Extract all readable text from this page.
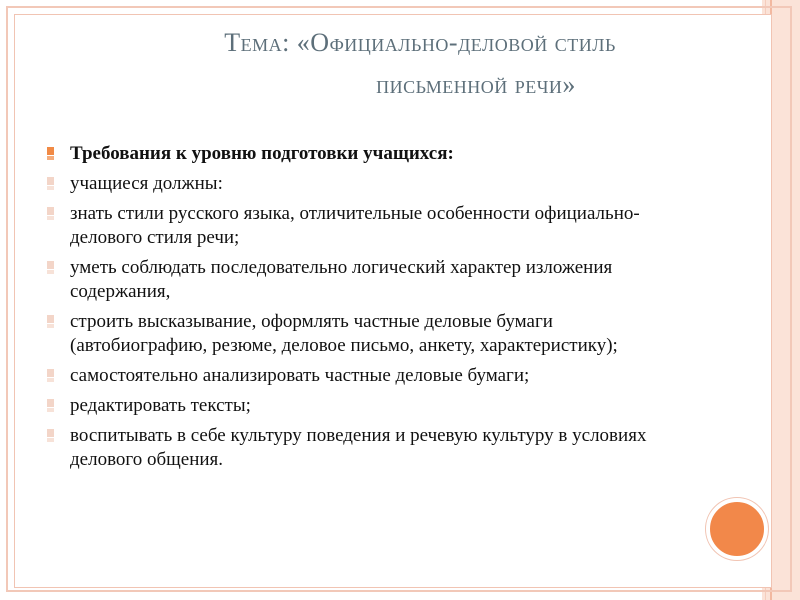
Тема: «Официально-деловой стиль
письменной речи»
Требования к уровню подготовки учащихся:
учащиеся должны:
знать стили русского языка, отличительные особенности официально-делового стиля речи;
уметь соблюдать последовательно логический характер изложения содержания,
строить высказывание, оформлять частные деловые бумаги (автобиографию, резюме, деловое письмо, анкету, характеристику);
самостоятельно анализировать частные деловые бумаги;
редактировать тексты;
воспитывать в себе культуру поведения и речевую культуру в условиях делового общения.
